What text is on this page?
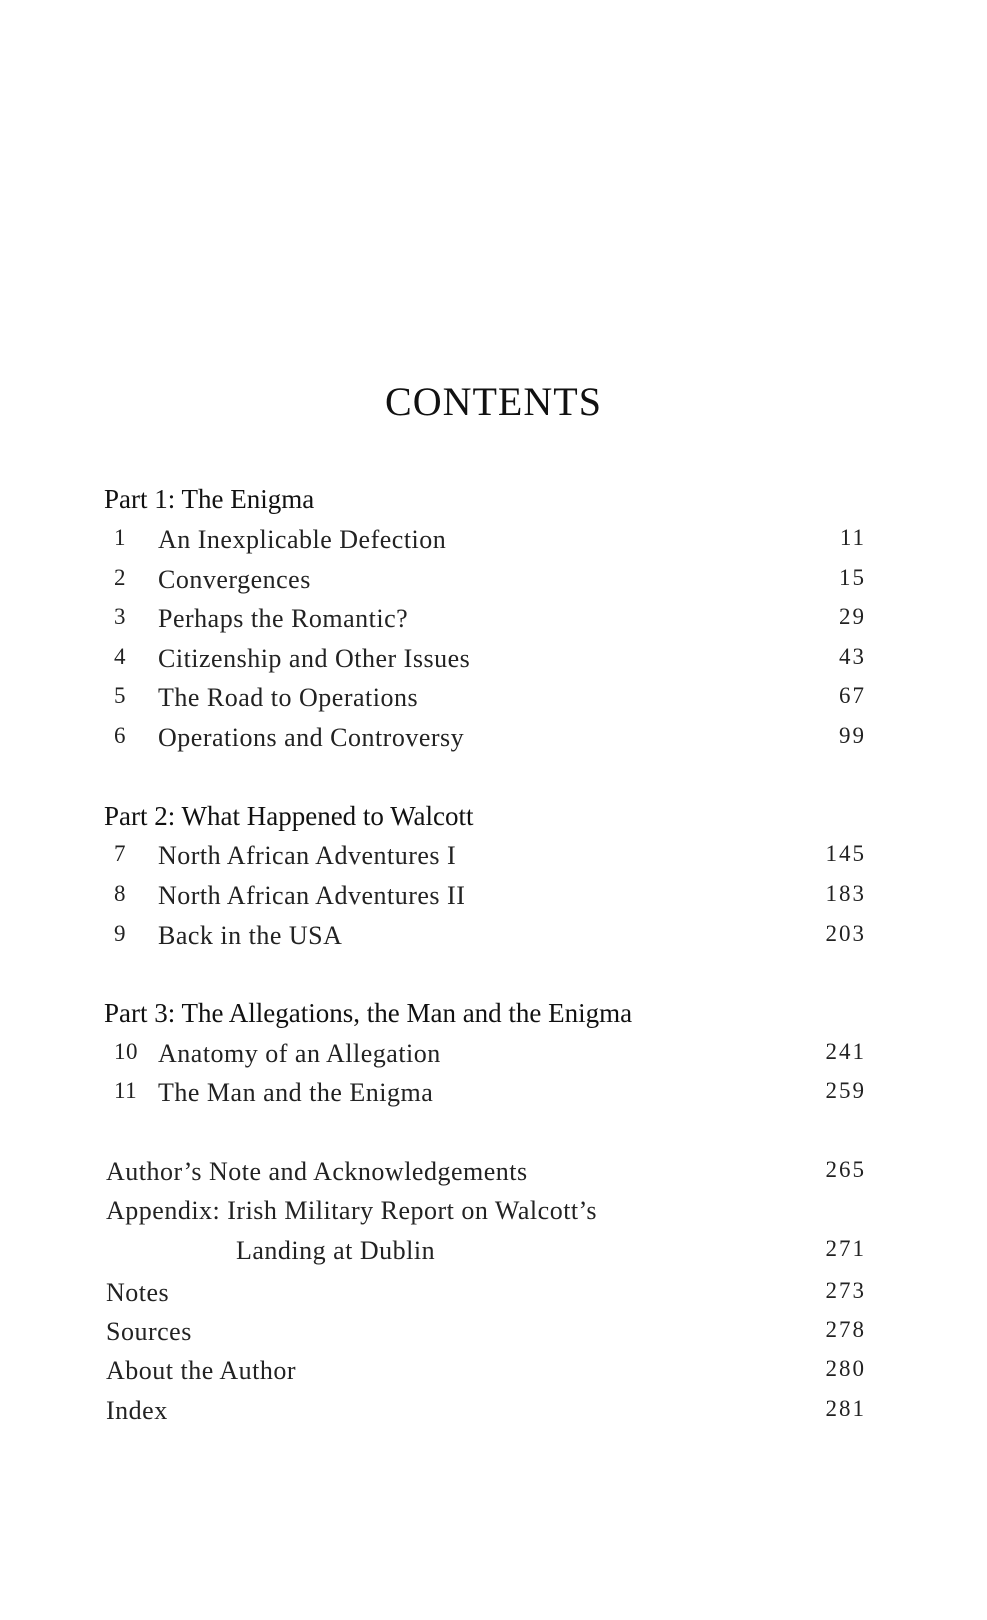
CONTENTS
Part 1: The Enigma
1	An Inexplicable Defection	11
2	Convergences	15
3	Perhaps the Romantic?	29
4	Citizenship and Other Issues	43
5	The Road to Operations	67
6	Operations and Controversy	99
Part 2: What Happened to Walcott
7	North African Adventures I	145
8	North African Adventures II	183
9	Back in the USA	203
Part 3: The Allegations, the Man and the Enigma
10 Anatomy of an Allegation	241
11 The Man and the Enigma	259
Author’s Note and Acknowledgements	265
Appendix: Irish Military Report on Walcott’s
Landing at Dublin	271
Notes	273
Sources	278
About the Author	280
Index	281
